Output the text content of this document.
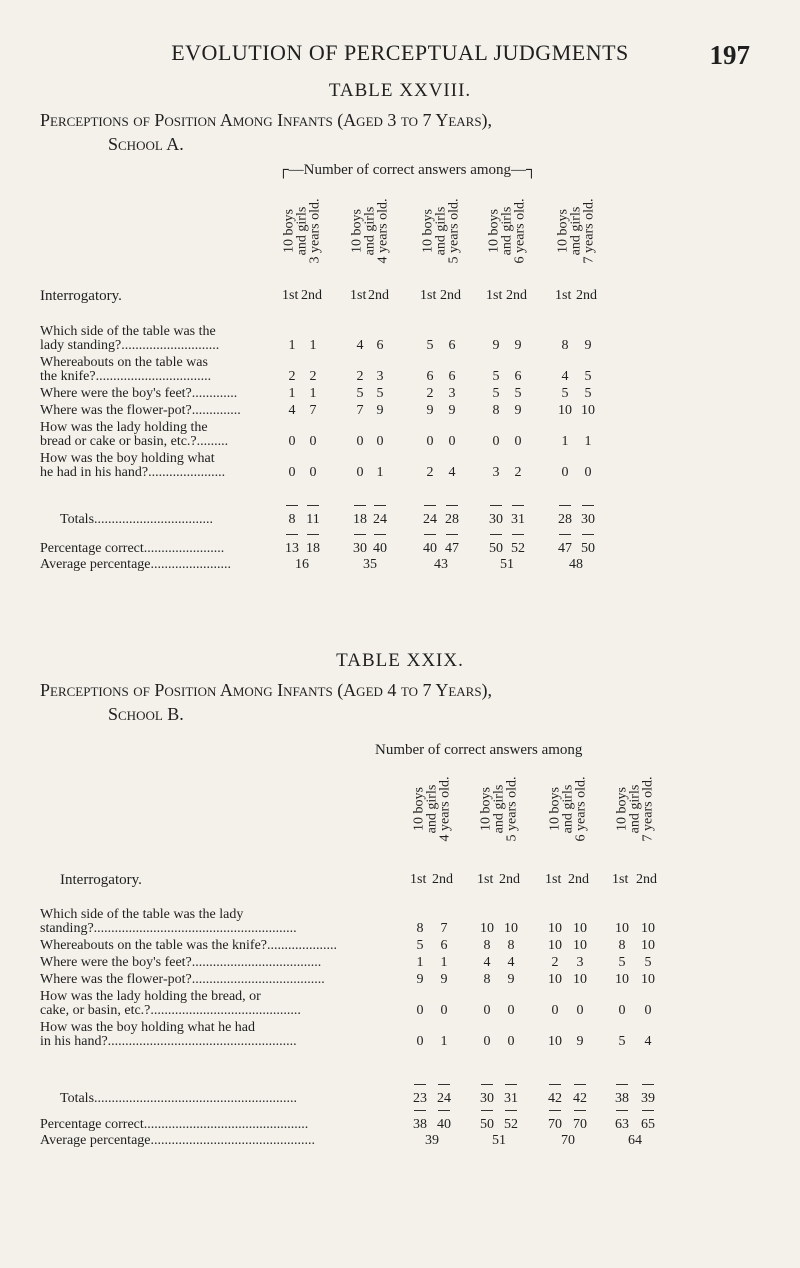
EVOLUTION OF PERCEPTUAL JUDGMENTS	197
TABLE XXVIII.
Perceptions of Position Among Infants (Aged 3 to 7 Years),
School A.
┌—Number of correct answers among—┐
10 boys
and girls
3 years old.
1st 2nd
10 boys
and girls
4 years old.
1st 2nd
10 boys
and girls
5 years old.
1st 2nd
10 boys
and girls
6 years old.
1st 2nd
10 boys
and girls
7 years old.
1st 2nd
Interrogatory.
Which side of the table was the
lady standing?............................	1	1	4 6	5	6	9	9	8	9
Whereabouts on the table was
the knife?.................................	2	2	2 3	6	6	5	6	4	5
Where were the boy's feet?.............	1	1	5 5	2	3	5	5	5	5
Where was the flower-pot?..............	4	7	7 9	9	9	8	9	10 10
How was the lady holding the
bread or cake or basin, etc.?.........	0	0	0 0	0	0	0	0	1	1
How was the boy holding what
he had in his hand?......................	0	0	0 1	2	4	3	2	0	0
Totals..................................	8 11	18 24	24 28	30 31	28 30
Percentage correct.......................	13 18	30 40	40 47	50 52	47 50
Average percentage.......................	16	35	43	51	48
TABLE XXIX.
Perceptions of Position Among Infants (Aged 4 to 7 Years),
School B.
Number of correct answers among
10 boys
and girls
4 years old.
1st 2nd
10 boys
and girls
5 years old.
1st 2nd
10 boys
and girls
6 years old.
1st 2nd
10 boys
and girls
7 years old.
1st 2nd
Interrogatory.
Which side of the table was the lady
standing?..........................................................	8	7	10 10	10 10	10 10
Whereabouts on the table was the knife?....................	5	6	8	8	10 10	8	10
Where were the boy's feet?.....................................	1	1	4	4	2	3	5	5
Where was the flower-pot?......................................	9	9	8	9	10 10	10 10
How was the lady holding the bread, or
cake, or basin, etc.?...........................................	0	0	0	0	0	0	0	0
How was the boy holding what he had
in his hand?......................................................	0	1	0	0	10	9	5	4
Totals..........................................................	23 24	30 31	42 42	38 39
Percentage correct...............................................	38 40	50 52	70 70	63 65
Average percentage...............................................	39	51	70	64
